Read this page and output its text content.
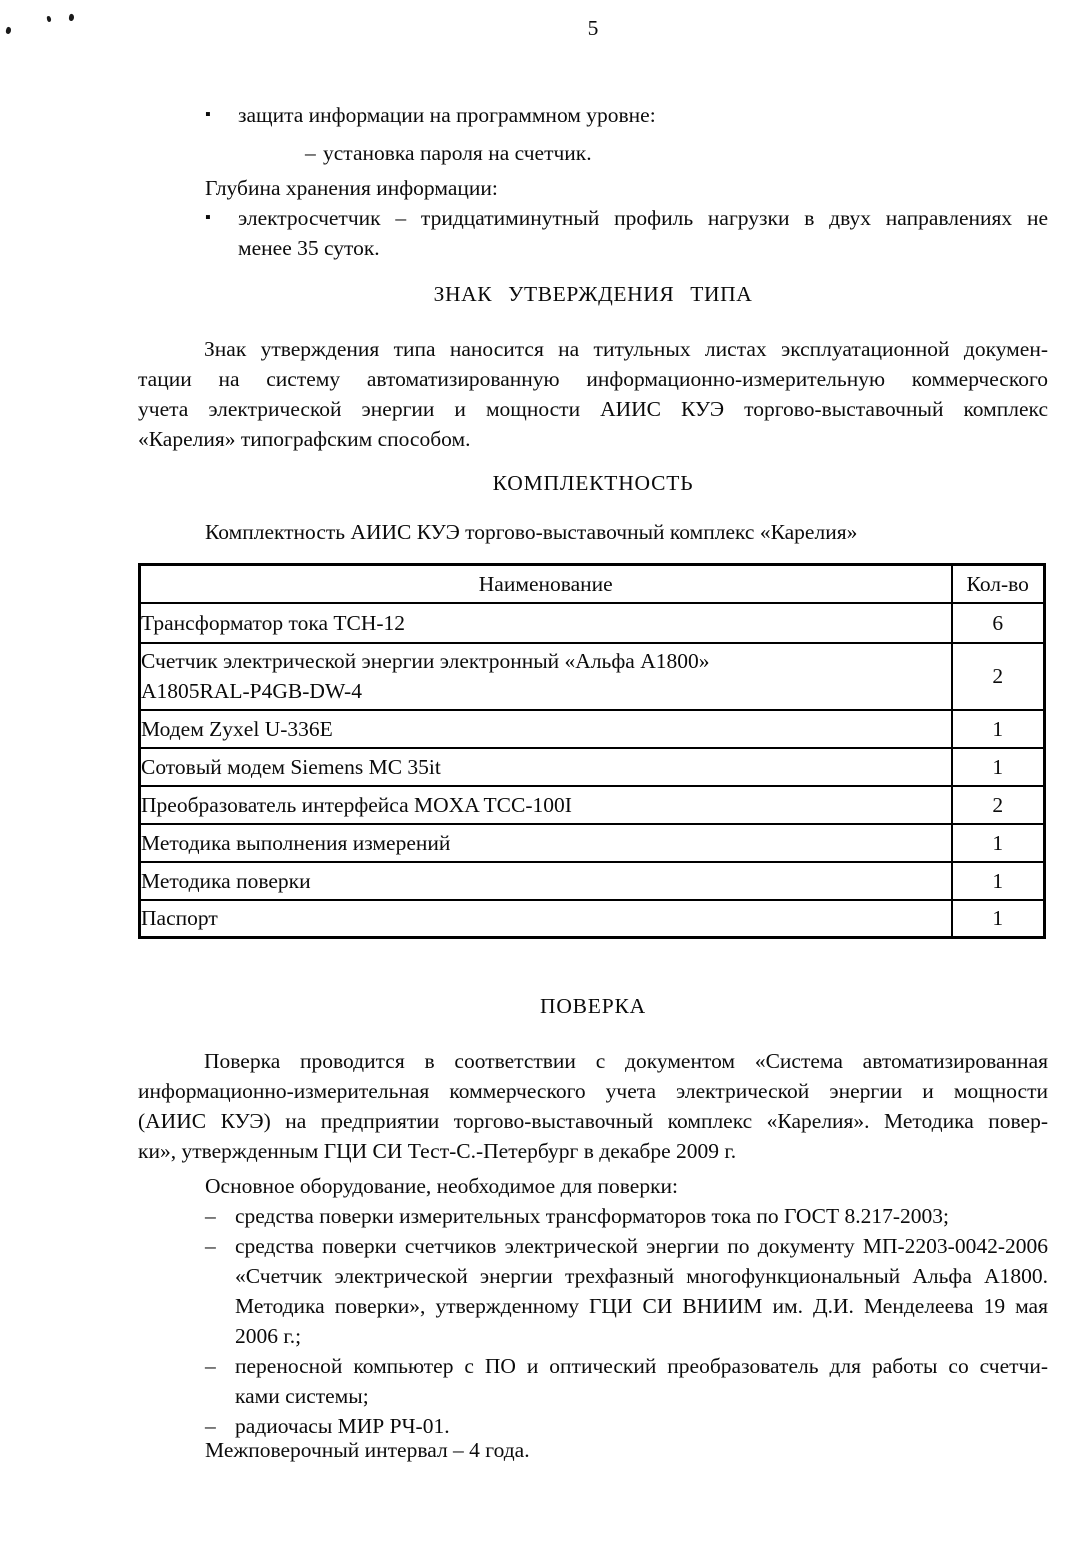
5
▪	защита информации на программном уровне:
– установка пароля на счетчик.
Глубина хранения информации:
▪	электросчетчик – тридцатиминутный профиль нагрузки в двух направлениях не
менее 35 суток.
ЗНАК УТВЕРЖДЕНИЯ ТИПА
Знак утверждения типа наносится на титульных листах эксплуатационной докумен-
тации на систему автоматизированную информационно-измерительную коммерческого
учета электрической энергии и мощности АИИС КУЭ торгово-выставочный комплекс
«Карелия» типографским способом.
КОМПЛЕКТНОСТЬ
Комплектность АИИС КУЭ торгово-выставочный комплекс «Карелия»
Наименование	Кол-во
Трансформатор тока ТСН-12	6

Счетчик электрической энергии электронный «Альфа А1800»
A1805RAL-P4GB-DW-4	2
Модем Zyxel U-336E	1
Сотовый модем Siemens MC 35it	1
Преобразователь интерфейса MOXA TCC-100I	2
Методика выполнения измерений	1
Методика поверки	1
Паспорт	1
ПОВЕРКА
Поверка проводится в соответствии с документом «Система автоматизированная
информационно-измерительная коммерческого учета электрической энергии и мощности
(АИИС КУЭ) на предприятии торгово-выставочный комплекс «Карелия». Методика повер-
ки», утвержденным ГЦИ СИ Тест-С.-Петербург в декабре 2009 г.
Основное оборудование, необходимое для поверки:
– средства поверки измерительных трансформаторов тока по ГОСТ 8.217-2003;
– средства поверки счетчиков электрической энергии по документу МП-2203-0042-2006
«Счетчик электрической энергии трехфазный многофункциональный Альфа А1800.
Методика поверки», утвержденному ГЦИ СИ ВНИИМ им. Д.И. Менделеева 19 мая
2006 г.;
– переносной компьютер с ПО и оптический преобразователь для работы со счетчи-
ками системы;
– радиочасы МИР РЧ-01.
Межповерочный интервал – 4 года.
